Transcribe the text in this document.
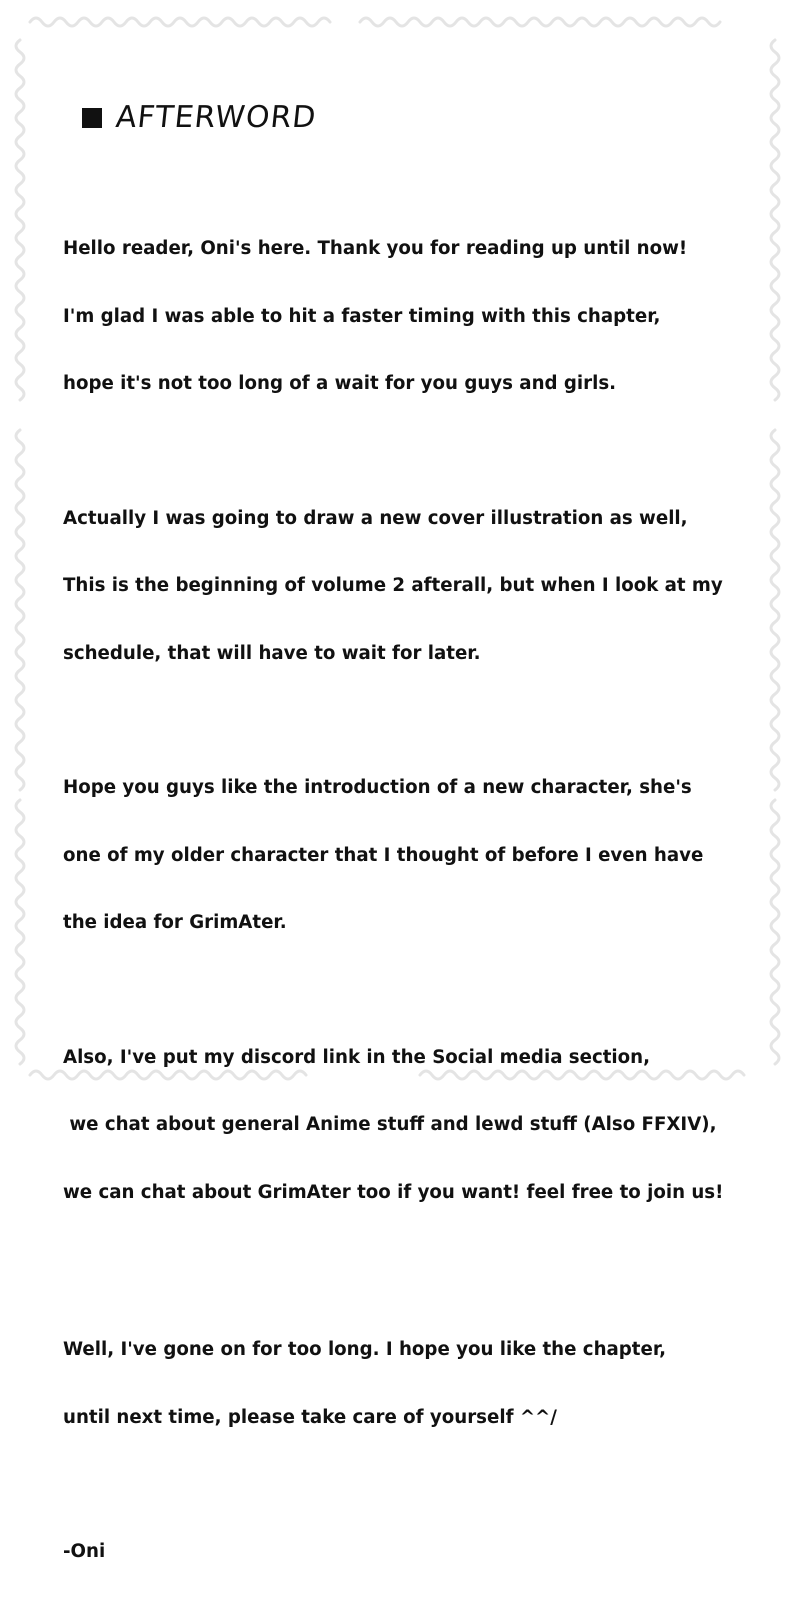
AFTERWORD

Hello reader, Oni's here. Thank you for reading up until now!

I'm glad I was able to hit a faster timing with this chapter,

hope it's not too long of a wait for you guys and girls.

Actually I was going to draw a new cover illustration as well,

This is the beginning of volume 2 afterall, but when I look at my

schedule, that will have to wait for later.

Hope you guys like the introduction of a new character, she's

one of my older character that I thought of before I even have

the idea for GrimAter.

Also, I've put my discord link in the Social media section,

we chat about general Anime stuff and lewd stuff (Also FFXIV),

we can chat about GrimAter too if you want! feel free to join us!

Well, I've gone on for too long. I hope you like the chapter,

until next time, please take care of yourself ^^/

-Oni
